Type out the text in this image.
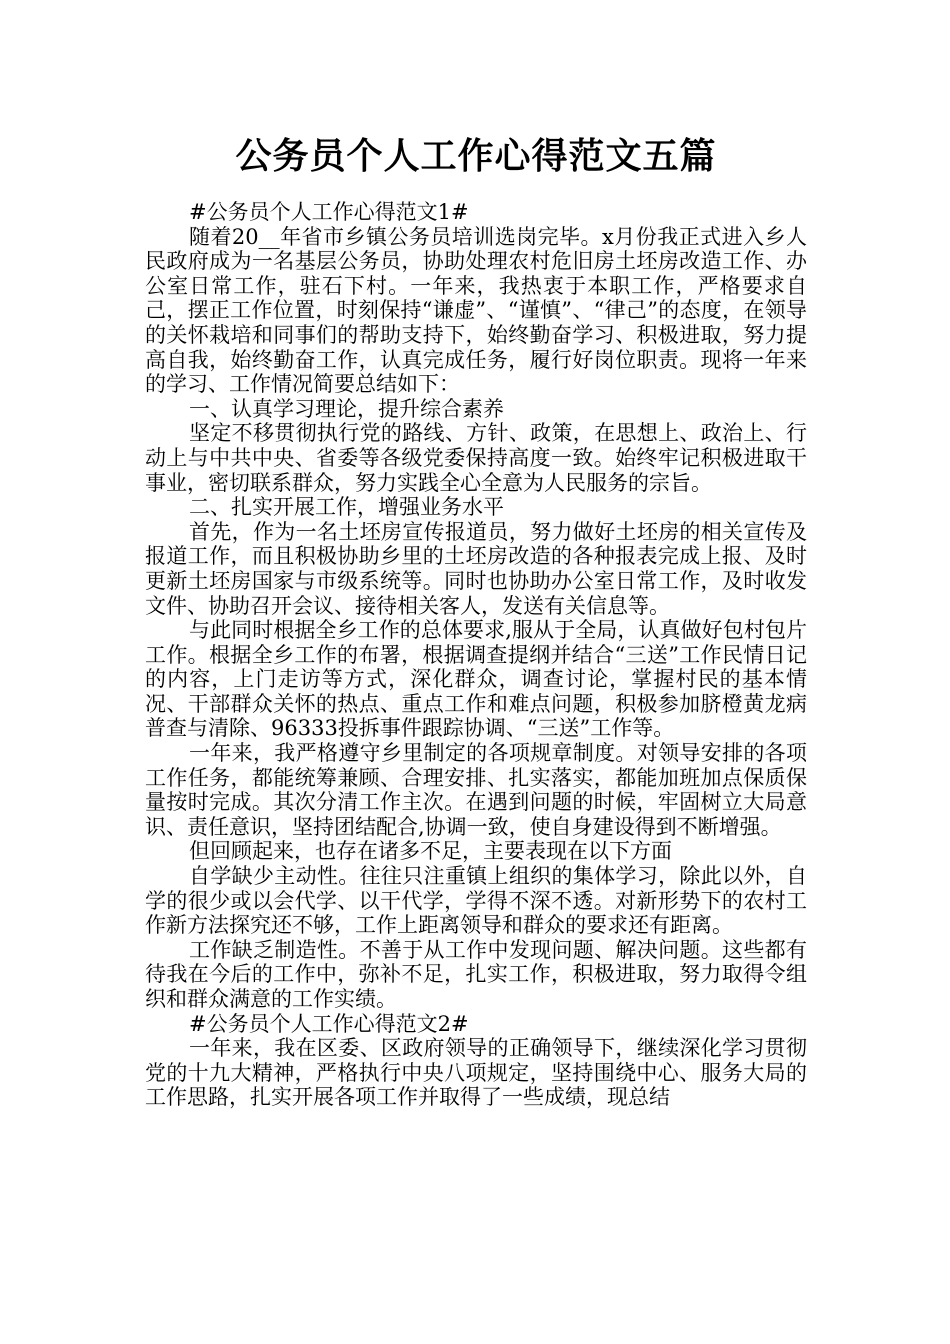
公务员个人工作心得范文五篇

#公务员个人工作心得范文1#

随着20__年省市乡镇公务员培训选岗完毕。x月份我正式进入乡人民政府成为一名基层公务员，协助处理农村危旧房土坯房改造工作、办公室日常工作，驻石下村。一年来，我热衷于本职工作，严格要求自己，摆正工作位置，时刻保持“谦虚”、“谨慎”、“律己”的态度，在领导的关怀栽培和同事们的帮助支持下，始终勤奋学习、积极进取，努力提高自我，始终勤奋工作，认真完成任务，履行好岗位职责。现将一年来的学习、工作情况简要总结如下：

一、认真学习理论，提升综合素养

坚定不移贯彻执行党的路线、方针、政策，在思想上、政治上、行动上与中共中央、省委等各级党委保持高度一致。始终牢记积极进取干事业，密切联系群众，努力实践全心全意为人民服务的宗旨。

二、扎实开展工作，增强业务水平

首先，作为一名土坯房宣传报道员，努力做好土坯房的相关宣传及报道工作，而且积极协助乡里的土坯房改造的各种报表完成上报、及时更新土坯房国家与市级系统等。同时也协助办公室日常工作，及时收发文件、协助召开会议、接待相关客人，发送有关信息等。

与此同时根据全乡工作的总体要求,服从于全局，认真做好包村包片工作。根据全乡工作的布署，根据调查提纲并结合“三送”工作民情日记的内容，上门走访等方式，深化群众，调查讨论，掌握村民的基本情况、干部群众关怀的热点、重点工作和难点问题，积极参加脐橙黄龙病普查与清除、96333投拆事件跟踪协调、“三送”工作等。

一年来，我严格遵守乡里制定的各项规章制度。对领导安排的各项工作任务，都能统筹兼顾、合理安排、扎实落实，都能加班加点保质保量按时完成。其次分清工作主次。在遇到问题的时候，牢固树立大局意识、责任意识，坚持团结配合,协调一致，使自身建设得到不断增强。

但回顾起来，也存在诸多不足，主要表现在以下方面

自学缺少主动性。往往只注重镇上组织的集体学习，除此以外，自学的很少或以会代学、以干代学，学得不深不透。对新形势下的农村工作新方法探究还不够，工作上距离领导和群众的要求还有距离。

工作缺乏制造性。不善于从工作中发现问题、解决问题。这些都有待我在今后的工作中，弥补不足，扎实工作，积极进取，努力取得令组织和群众满意的工作实绩。

#公务员个人工作心得范文2#

一年来，我在区委、区政府领导的正确领导下，继续深化学习贯彻党的十九大精神，严格执行中央八项规定，坚持围绕中心、服务大局的工作思路，扎实开展各项工作并取得了一些成绩，现总结
